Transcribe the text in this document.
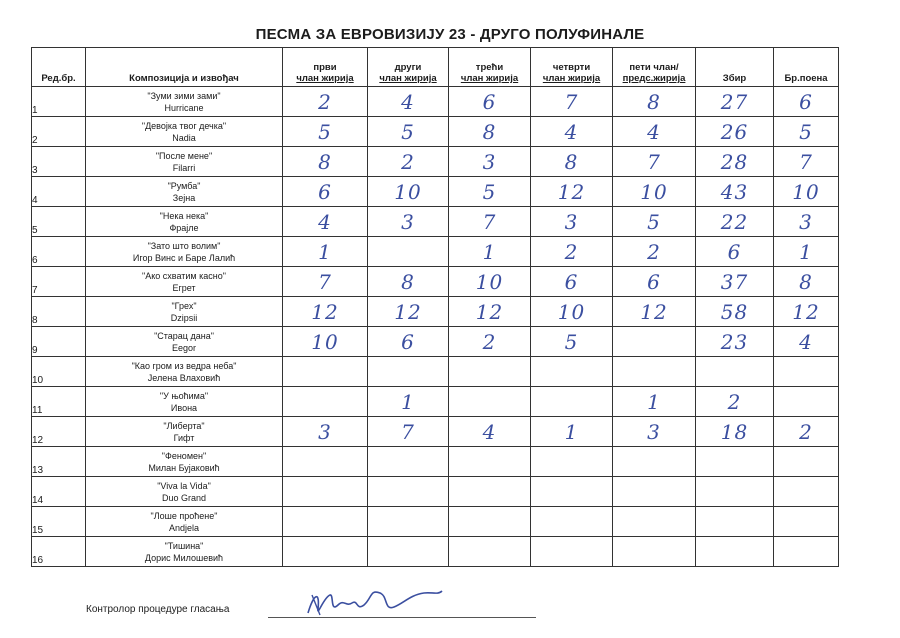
ПЕСМА ЗА ЕВРОВИЗИЈУ 23 - ДРУГО ПОЛУФИНАЛЕ
Ред.бр.	Композиција и извођач	први
члан жирија	други
члан жирија	трећи
члан жирија	четврти
члан жирија	пети члан/
предс.жирија	Збир	Бр.поена
1	"Зуми зими зами"
Hurricane	2	4	6	7	8	27	6
2	"Девојка твог дечка"
Nadia	5	5	8	4	4	26	5
3	"После мене"
Filarri	8	2	3	8	7	28	7
4	"Румба"
Зејна	6	10	5	12	10	43	10
5	"Нека нека"
Фрајле	4	3	7	3	5	22	3
6	"Зато што волим"
Игор Винс и Баре Лалић	1		1	2	2	6	1
7	"Ако схватим касно"
Егрет	7	8	10	6	6	37	8
8	"Грех"
Dzipsii	12	12	12	10	12	58	12
9	"Старац дана"
Eegor	10	6	2	5		23	4
10	"Као гром из ведра неба"
Јелена Влаховић							

11	"У њоћима"
Ивона		1			1	2	
12	"Либерта"
Гифт	3	7	4	1	3	18	2
13	"Феномен"
Милан Бујаковић							

14	"Viva la Vida"
Duo Grand							

15	"Лоше проћене"
Andjela							

16	"Тишина"
Дорис Милошевић							

Контролор процедуре гласања
